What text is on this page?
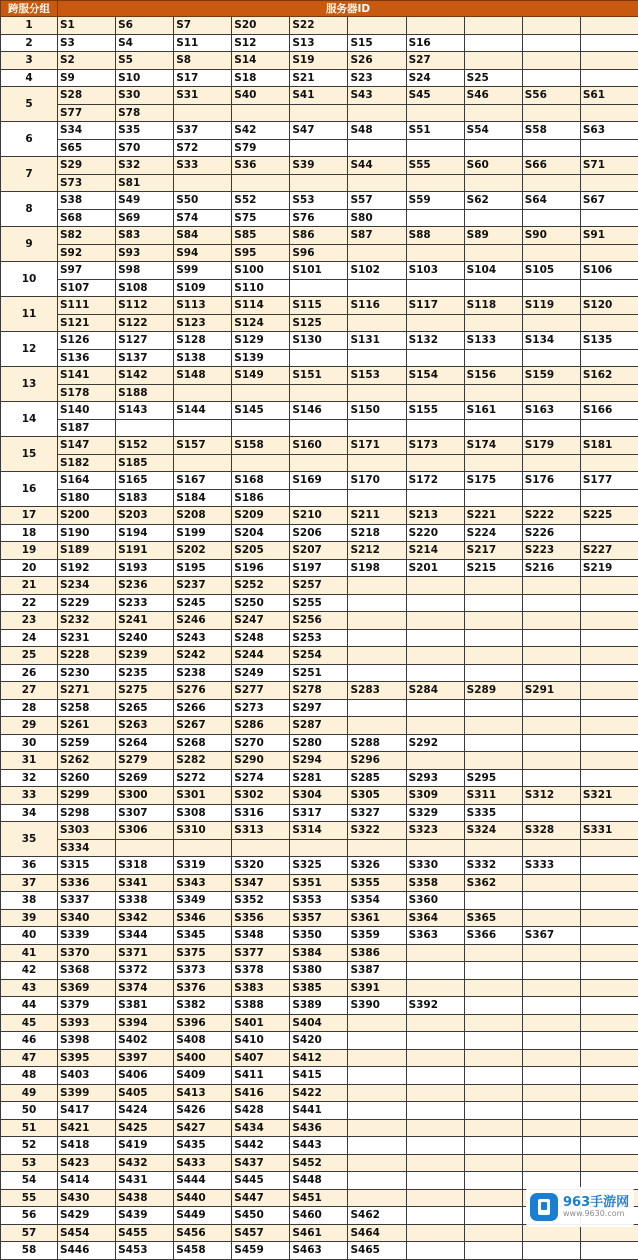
跨服分组	服务器ID									
1	S1	S6	S7	S20	S22					
2	S3	S4	S11	S12	S13	S15	S16			
3	S2	S5	S8	S14	S19	S26	S27			
4	S9	S10	S17	S18	S21	S23	S24	S25		
5	S28	S30	S31	S40	S41	S43	S45	S46	S56	S61
	S77	S78								
6	S34	S35	S37	S42	S47	S48	S51	S54	S58	S63
	S65	S70	S72	S79						
7	S29	S32	S33	S36	S39	S44	S55	S60	S66	S71
	S73	S81								
8	S38	S49	S50	S52	S53	S57	S59	S62	S64	S67
	S68	S69	S74	S75	S76	S80				
9	S82	S83	S84	S85	S86	S87	S88	S89	S90	S91
	S92	S93	S94	S95	S96					
10	S97	S98	S99	S100	S101	S102	S103	S104	S105	S106
	S107	S108	S109	S110						
11	S111	S112	S113	S114	S115	S116	S117	S118	S119	S120
	S121	S122	S123	S124	S125					
12	S126	S127	S128	S129	S130	S131	S132	S133	S134	S135
	S136	S137	S138	S139						
13	S141	S142	S148	S149	S151	S153	S154	S156	S159	S162
	S178	S188								
14	S140	S143	S144	S145	S146	S150	S155	S161	S163	S166
	S187									
15	S147	S152	S157	S158	S160	S171	S173	S174	S179	S181
	S182	S185								
16	S164	S165	S167	S168	S169	S170	S172	S175	S176	S177
	S180	S183	S184	S186						
17	S200	S203	S208	S209	S210	S211	S213	S221	S222	S225
18	S190	S194	S199	S204	S206	S218	S220	S224	S226	
19	S189	S191	S202	S205	S207	S212	S214	S217	S223	S227
20	S192	S193	S195	S196	S197	S198	S201	S215	S216	S219
21	S234	S236	S237	S252	S257					
22	S229	S233	S245	S250	S255					
23	S232	S241	S246	S247	S256					
24	S231	S240	S243	S248	S253					
25	S228	S239	S242	S244	S254					
26	S230	S235	S238	S249	S251					
27	S271	S275	S276	S277	S278	S283	S284	S289	S291	
28	S258	S265	S266	S273	S297					
29	S261	S263	S267	S286	S287					
30	S259	S264	S268	S270	S280	S288	S292			
31	S262	S279	S282	S290	S294	S296				
32	S260	S269	S272	S274	S281	S285	S293	S295		
33	S299	S300	S301	S302	S304	S305	S309	S311	S312	S321
34	S298	S307	S308	S316	S317	S327	S329	S335		
35	S303	S306	S310	S313	S314	S322	S323	S324	S328	S331
	S334									
36	S315	S318	S319	S320	S325	S326	S330	S332	S333	
37	S336	S341	S343	S347	S351	S355	S358	S362		
38	S337	S338	S349	S352	S353	S354	S360			
39	S340	S342	S346	S356	S357	S361	S364	S365		
40	S339	S344	S345	S348	S350	S359	S363	S366	S367	
41	S370	S371	S375	S377	S384	S386				
42	S368	S372	S373	S378	S380	S387				
43	S369	S374	S376	S383	S385	S391				
44	S379	S381	S382	S388	S389	S390	S392			
45	S393	S394	S396	S401	S404					
46	S398	S402	S408	S410	S420					
47	S395	S397	S400	S407	S412					
48	S403	S406	S409	S411	S415					
49	S399	S405	S413	S416	S422					
50	S417	S424	S426	S428	S441					
51	S421	S425	S427	S434	S436					
52	S418	S419	S435	S442	S443					
53	S423	S432	S433	S437	S452					
54	S414	S431	S444	S445	S448					
55	S430	S438	S440	S447	S451					
56	S429	S439	S449	S450	S460	S462				
57	S454	S455	S456	S457	S461	S464				
58	S446	S453	S458	S459	S463	S465				
963手游网
www.9630.com
